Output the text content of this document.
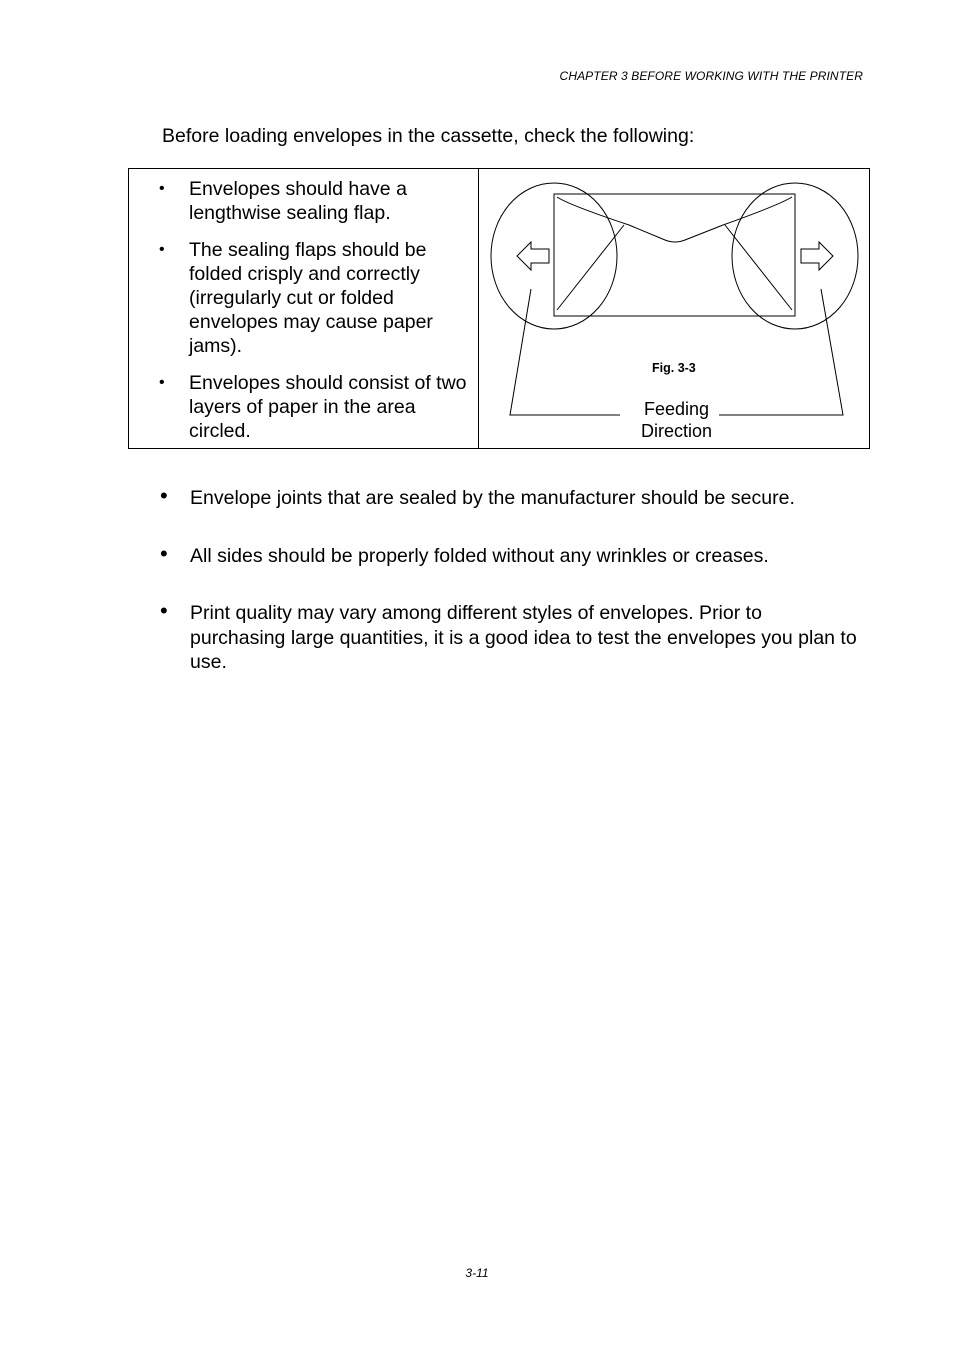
CHAPTER 3 BEFORE WORKING WITH THE PRINTER
Before loading envelopes in the cassette, check the following:
• Envelopes should have a lengthwise sealing flap.
• The sealing flaps should be folded crisply and correctly (irregularly cut or folded envelopes may cause paper jams).
• Envelopes should consist of two layers of paper in the area circled.
Fig. 3-3
Feeding
Direction
• Envelope joints that are sealed by the manufacturer should be secure.
• All sides should be properly folded without any wrinkles or creases.
• Print quality may vary among different styles of envelopes. Prior to purchasing large quantities, it is a good idea to test the envelopes you plan to use.
3-11
